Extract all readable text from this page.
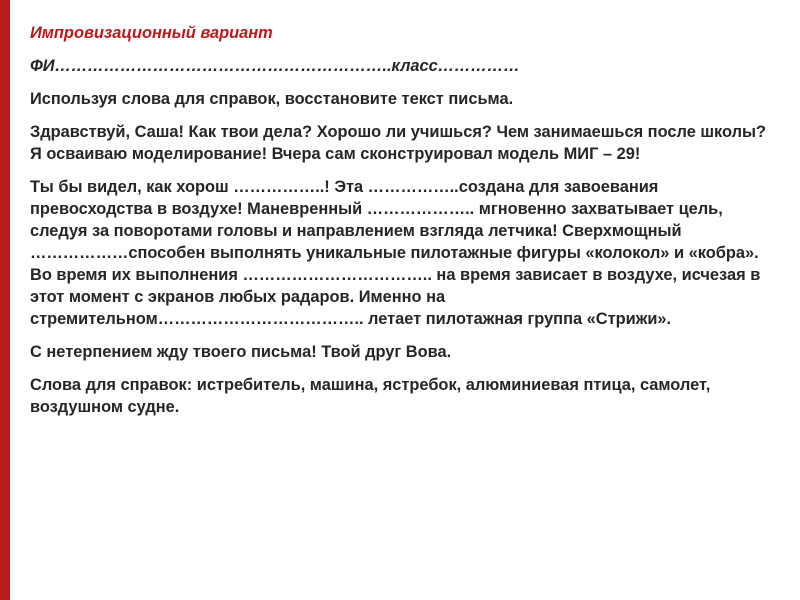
Импровизационный вариант

ФИ……………………………………………………..класс……………

Используя слова для справок, восстановите текст письма.

Здравствуй, Саша! Как твои дела? Хорошо ли учишься? Чем занимаешься после школы? Я осваиваю моделирование! Вчера сам сконструировал модель МИГ – 29!

Ты бы видел, как хорош ……………..! Эта ……………..создана для завоевания превосходства в воздухе! Маневренный ……………….. мгновенно захватывает цель, следуя за поворотами головы и направлением взгляда летчика! Сверхмощный ………………способен выполнять уникальные пилотажные фигуры «колокол» и «кобра». Во время их выполнения …………………………….. на время зависает в воздухе, исчезая в этот момент с экранов любых радаров. Именно на стремительном……………………………….. летает пилотажная группа «Стрижи».

С нетерпением жду твоего письма! Твой друг Вова.

Слова для справок: истребитель, машина, ястребок, алюминиевая птица, самолет, воздушном судне.
